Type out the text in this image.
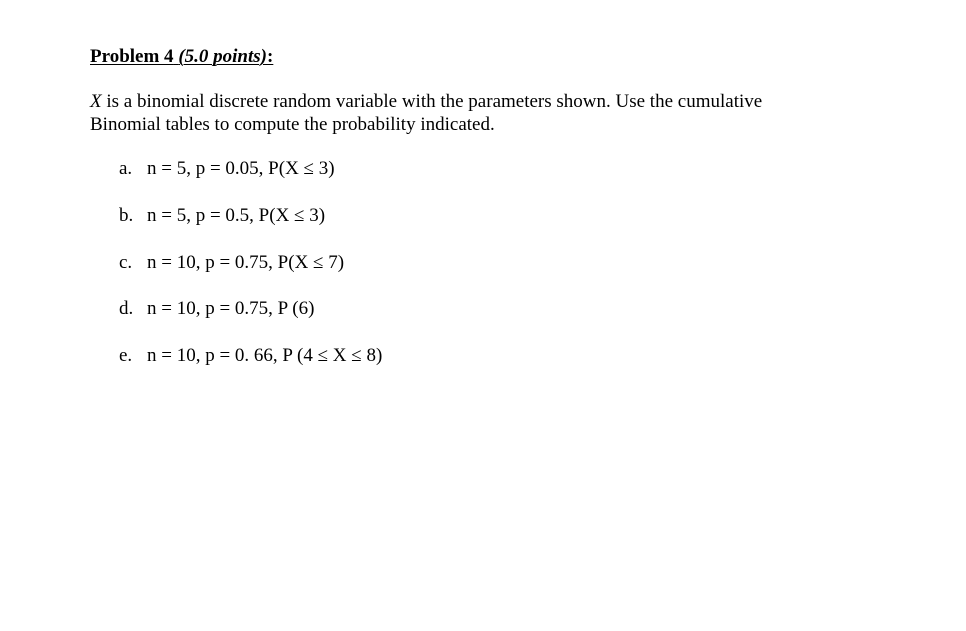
Problem 4 (5.0 points):
X is a binomial discrete random variable with the parameters shown. Use the cumulative
Binomial tables to compute the probability indicated.
a. n = 5, p = 0.05, P(X ≤ 3)
b. n = 5, p = 0.5, P(X ≤ 3)
c. n = 10, p = 0.75, P(X ≤ 7)
d. n = 10, p = 0.75, P (6)
e. n = 10, p = 0. 66, P (4 ≤ X ≤ 8)
